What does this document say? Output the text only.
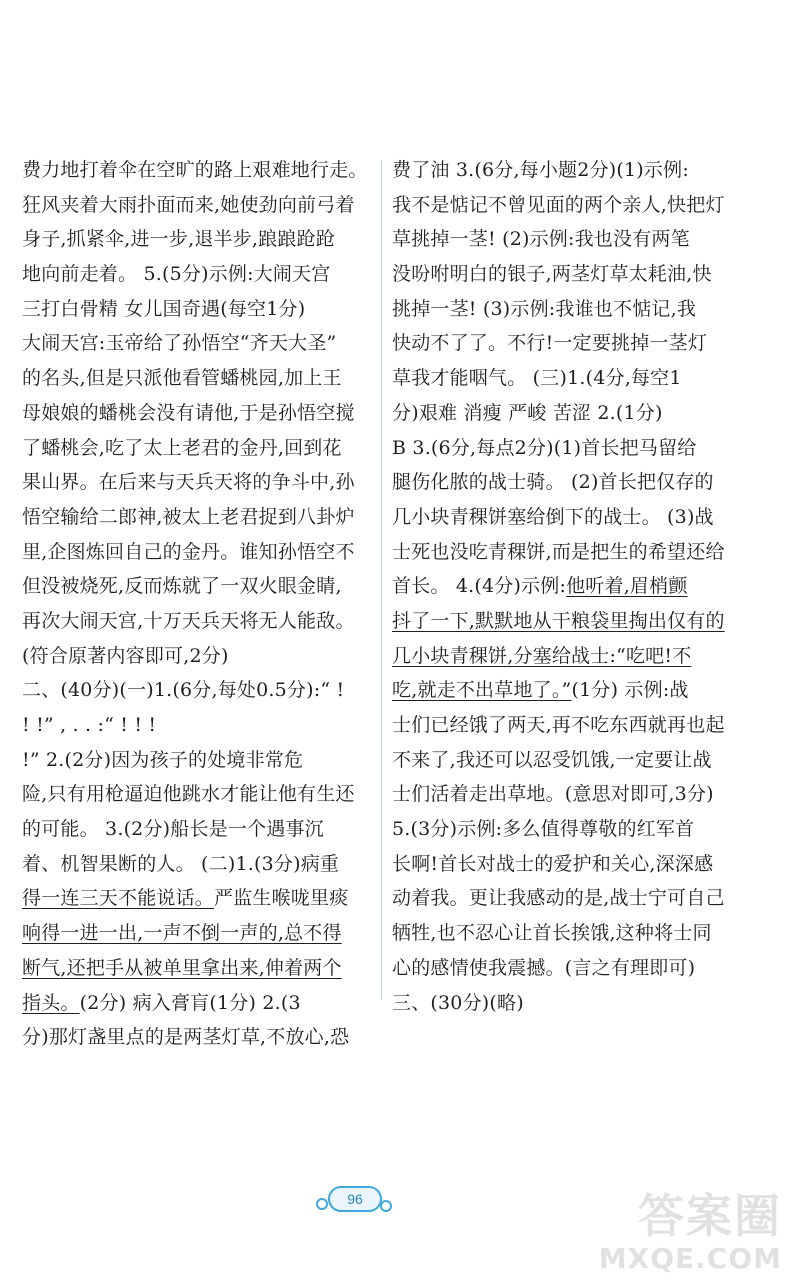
费力地打着伞在空旷的路上艰难地行走。
狂风夹着大雨扑面而来,她使劲向前弓着
身子,抓紧伞,进一步,退半步,踉踉跄跄
地向前走着。 5.(5分)示例:大闹天宫
三打白骨精 女儿国奇遇(每空1分)
大闹天宫:玉帝给了孙悟空“齐天大圣”
的名头,但是只派他看管蟠桃园,加上王
母娘娘的蟠桃会没有请他,于是孙悟空搅
了蟠桃会,吃了太上老君的金丹,回到花
果山界。在后来与天兵天将的争斗中,孙
悟空输给二郎神,被太上老君捉到八卦炉
里,企图炼回自己的金丹。谁知孙悟空不
但没被烧死,反而炼就了一双火眼金睛,
再次大闹天宫,十万天兵天将无人能敌。
(符合原著内容即可,2分)
二、(40分)(一)1.(6分,每处0.5分):“ !
! !” , . . :“ ! ! !
!” 2.(2分)因为孩子的处境非常危
险,只有用枪逼迫他跳水才能让他有生还
的可能。 3.(2分)船长是一个遇事沉
着、机智果断的人。 (二)1.(3分)病重
得一连三天不能说话。严监生喉咙里痰
响得一进一出,一声不倒一声的,总不得
断气,还把手从被单里拿出来,伸着两个
指头。(2分) 病入膏肓(1分) 2.(3
分)那灯盏里点的是两茎灯草,不放心,恐
费了油 3.(6分,每小题2分)(1)示例:
我不是惦记不曾见面的两个亲人,快把灯
草挑掉一茎! (2)示例:我也没有两笔
没吩咐明白的银子,两茎灯草太耗油,快
挑掉一茎! (3)示例:我谁也不惦记,我
快动不了了。不行!一定要挑掉一茎灯
草我才能咽气。 (三)1.(4分,每空1
分)艰难 消瘦 严峻 苦涩 2.(1分)
B 3.(6分,每点2分)(1)首长把马留给
腿伤化脓的战士骑。 (2)首长把仅存的
几小块青稞饼塞给倒下的战士。 (3)战
士死也没吃青稞饼,而是把生的希望还给
首长。 4.(4分)示例:他听着,眉梢颤
抖了一下,默默地从干粮袋里掏出仅有的
几小块青稞饼,分塞给战士:“吃吧!不
吃,就走不出草地了。”(1分) 示例:战
士们已经饿了两天,再不吃东西就再也起
不来了,我还可以忍受饥饿,一定要让战
士们活着走出草地。(意思对即可,3分)
5.(3分)示例:多么值得尊敬的红军首
长啊!首长对战士的爱护和关心,深深感
动着我。更让我感动的是,战士宁可自己
牺牲,也不忍心让首长挨饿,这种将士同
心的感情使我震撼。(言之有理即可)
三、(30分)(略)
96	答案圈
MXQE.COM
